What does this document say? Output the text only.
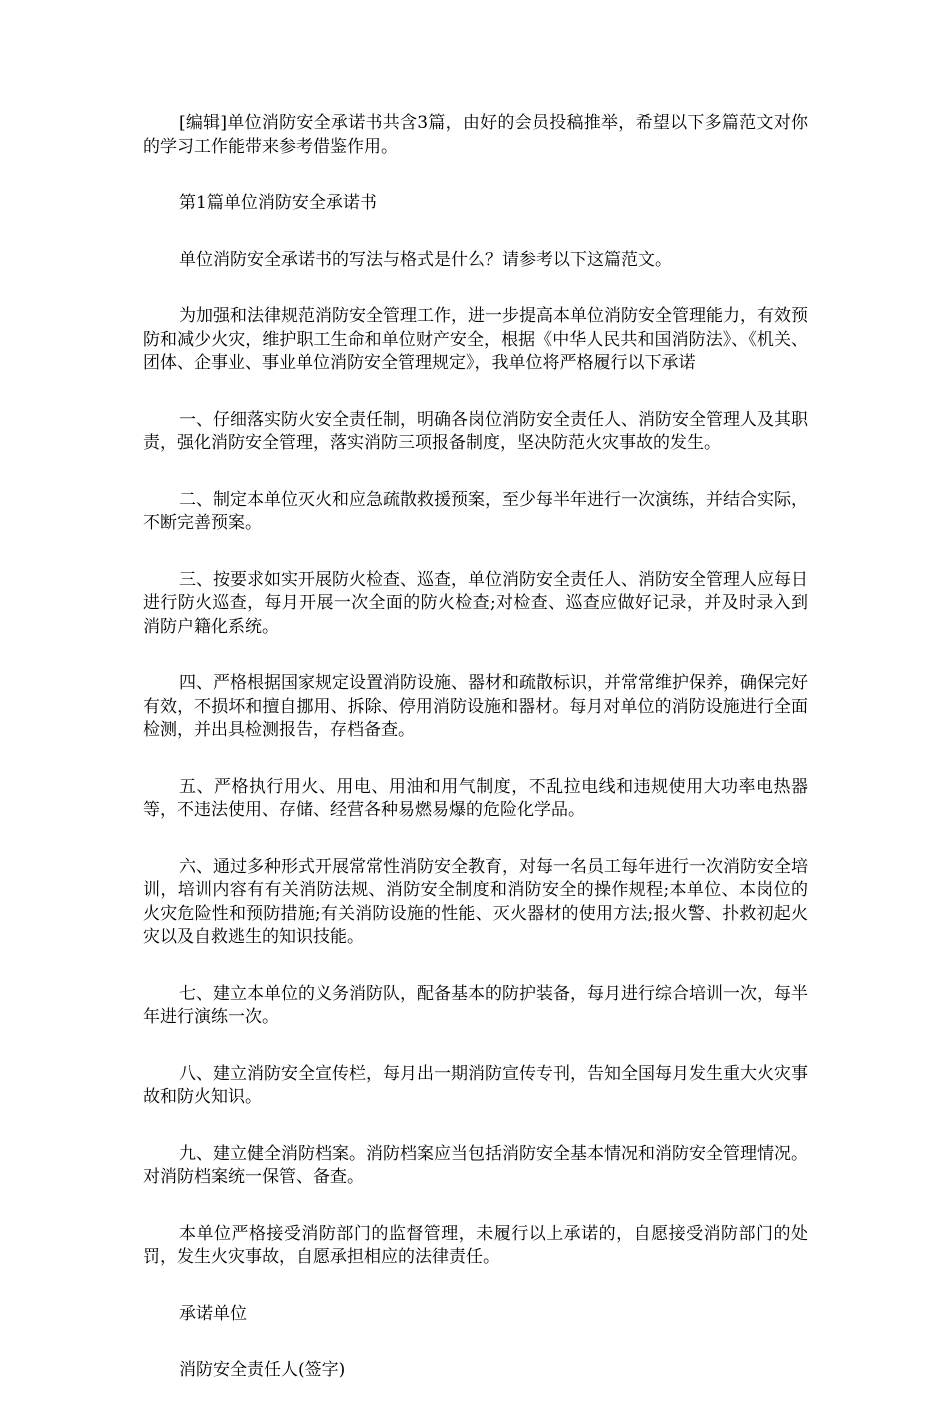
[编辑]单位消防安全承诺书共含3篇，由好的会员投稿推举，希望以下多篇范文对你的学习工作能带来参考借鉴作用。

第1篇单位消防安全承诺书

单位消防安全承诺书的写法与格式是什么？请参考以下这篇范文。

为加强和法律规范消防安全管理工作，进一步提高本单位消防安全管理能力，有效预防和减少火灾，维护职工生命和单位财产安全，根据《中华人民共和国消防法》、《机关、团体、企事业、事业单位消防安全管理规定》，我单位将严格履行以下承诺

一、仔细落实防火安全责任制，明确各岗位消防安全责任人、消防安全管理人及其职责，强化消防安全管理，落实消防三项报备制度，坚决防范火灾事故的发生。

二、制定本单位灭火和应急疏散救援预案，至少每半年进行一次演练，并结合实际，不断完善预案。

三、按要求如实开展防火检查、巡查，单位消防安全责任人、消防安全管理人应每日进行防火巡查，每月开展一次全面的防火检查;对检查、巡查应做好记录，并及时录入到消防户籍化系统。

四、严格根据国家规定设置消防设施、器材和疏散标识，并常常维护保养，确保完好有效，不损坏和擅自挪用、拆除、停用消防设施和器材。每月对单位的消防设施进行全面检测，并出具检测报告，存档备查。

五、严格执行用火、用电、用油和用气制度，不乱拉电线和违规使用大功率电热器等，不违法使用、存储、经营各种易燃易爆的危险化学品。

六、通过多种形式开展常常性消防安全教育，对每一名员工每年进行一次消防安全培训，培训内容有有关消防法规、消防安全制度和消防安全的操作规程;本单位、本岗位的火灾危险性和预防措施;有关消防设施的性能、灭火器材的使用方法;报火警、扑救初起火灾以及自救逃生的知识技能。

七、建立本单位的义务消防队，配备基本的防护装备，每月进行综合培训一次，每半年进行演练一次。

八、建立消防安全宣传栏，每月出一期消防宣传专刊，告知全国每月发生重大火灾事故和防火知识。

九、建立健全消防档案。消防档案应当包括消防安全基本情况和消防安全管理情况。对消防档案统一保管、备查。

本单位严格接受消防部门的监督管理，未履行以上承诺的，自愿接受消防部门的处罚，发生火灾事故，自愿承担相应的法律责任。

承诺单位

消防安全责任人(签字)
